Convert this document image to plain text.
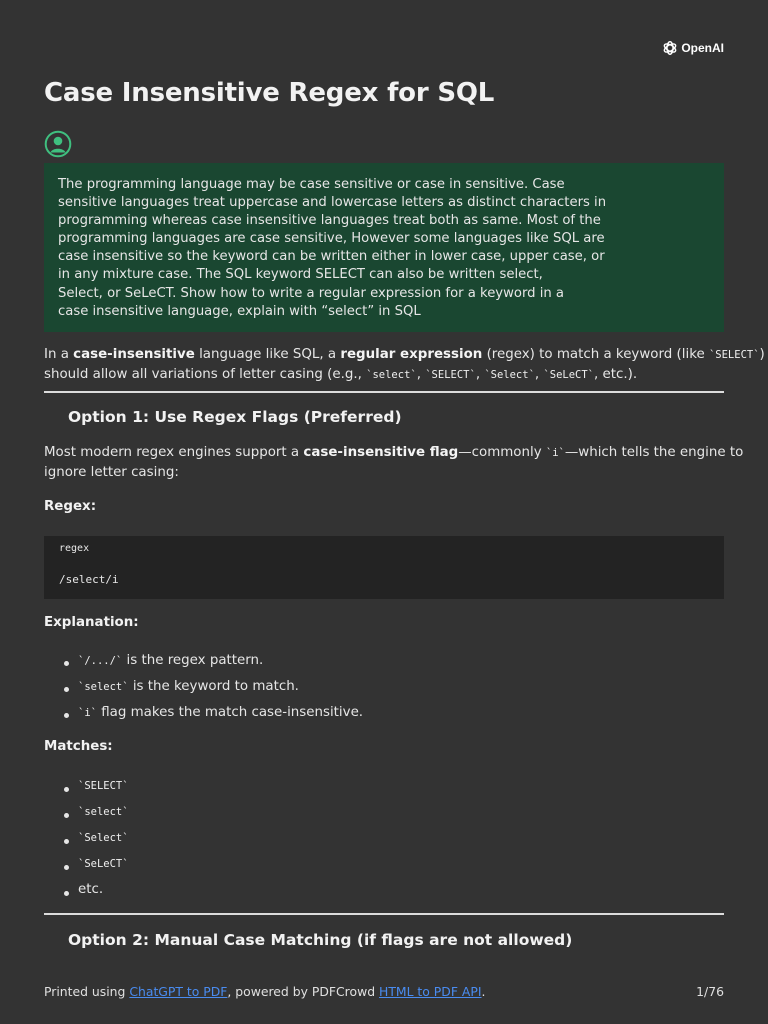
OpenAI
Case Insensitive Regex for SQL
The programming language may be case sensitive or case in sensitive. Case
sensitive languages treat uppercase and lowercase letters as distinct characters in
programming whereas case insensitive languages treat both as same. Most of the
programming languages are case sensitive, However some languages like SQL are
case insensitive so the keyword can be written either in lower case, upper case, or
in any mixture case. The SQL keyword SELECT can also be written select,
Select, or SeLeCT. Show how to write a regular expression for a keyword in a
case insensitive language, explain with “select” in SQL
In a case-insensitive language like SQL, a regular expression (regex) to match a keyword (like `SELECT`)
should allow all variations of letter casing (e.g., `select`, `SELECT`, `Select`, `SeLeCT`, etc.).
Option 1: Use Regex Flags (Preferred)
Most modern regex engines support a case-insensitive flag—commonly `i`—which tells the engine to
ignore letter casing:

Regex:

regex
/select/i

Explanation:

`/.../` is the regex pattern.
`select` is the keyword to match.
`i` flag makes the match case-insensitive.

Matches:

`SELECT`
`select`
`Select`
`SeLeCT`
etc.
Option 2: Manual Case Matching (if flags are not allowed)
Printed using ChatGPT to PDF, powered by PDFCrowd HTML to PDF API.	1/76
